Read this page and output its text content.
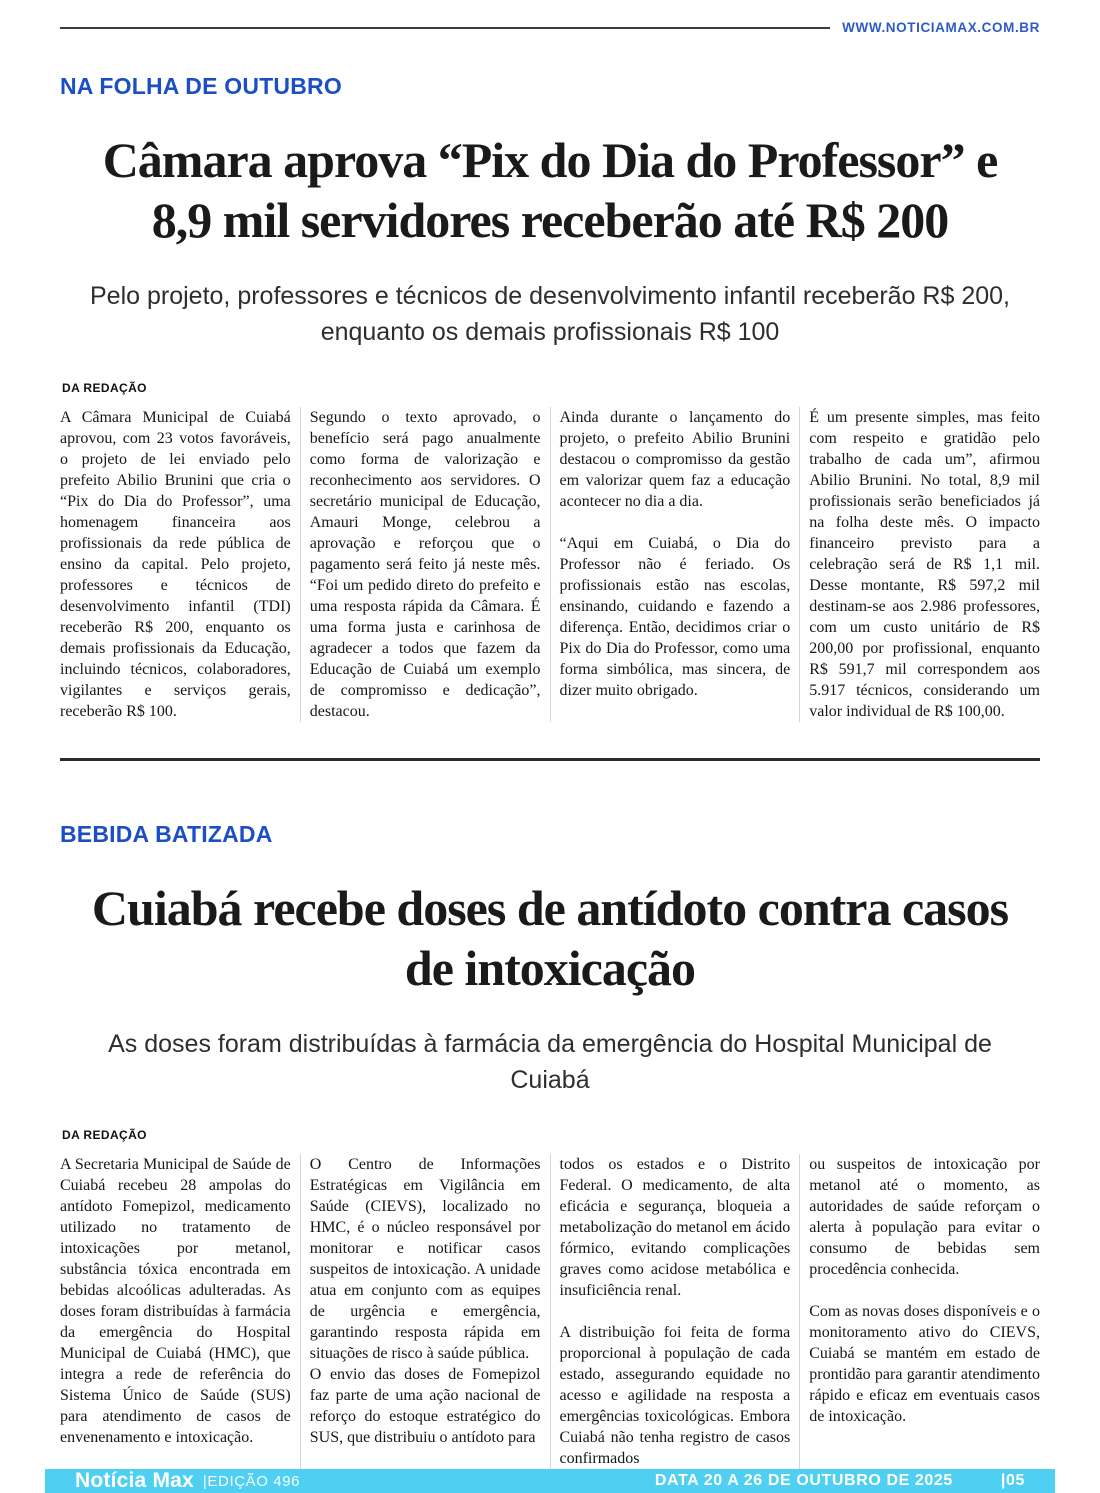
WWW.NOTICIAMAX.COM.BR
NA FOLHA DE OUTUBRO
Câmara aprova “Pix do Dia do Professor” e 8,9 mil servidores receberão até R$ 200
Pelo projeto, professores e técnicos de desenvolvimento infantil receberão R$ 200, enquanto os demais profissionais R$ 100
DA REDAÇÃO

A Câmara Municipal de Cuiabá aprovou, com 23 votos favoráveis, o projeto de lei enviado pelo prefeito Abilio Brunini que cria o “Pix do Dia do Professor”, uma homenagem financeira aos profissionais da rede pública de ensino da capital. Pelo projeto, professores e técnicos de desenvolvimento infantil (TDI) receberão R$ 200, enquanto os demais profissionais da Educação, incluindo técnicos, colaboradores, vigilantes e serviços gerais, receberão R$ 100.

Segundo o texto aprovado, o benefício será pago anualmente como forma de valorização e reconhecimento aos servidores. O secretário municipal de Educação, Amauri Monge, celebrou a aprovação e reforçou que o pagamento será feito já neste mês. “Foi um pedido direto do prefeito e uma resposta rápida da Câmara. É uma forma justa e carinhosa de agradecer a todos que fazem da Educação de Cuiabá um exemplo de compromisso e dedicação”, destacou.

Ainda durante o lançamento do projeto, o prefeito Abilio Brunini destacou o compromisso da gestão em valorizar quem faz a educação acontecer no dia a dia.

“Aqui em Cuiabá, o Dia do Professor não é feriado. Os profissionais estão nas escolas, ensinando, cuidando e fazendo a diferença. Então, decidimos criar o Pix do Dia do Professor, como uma forma simbólica, mas sincera, de dizer muito obrigado.

É um presente simples, mas feito com respeito e gratidão pelo trabalho de cada um”, afirmou Abilio Brunini. No total, 8,9 mil profissionais serão beneficiados já na folha deste mês. O impacto financeiro previsto para a celebração será de R$ 1,1 mil. Desse montante, R$ 597,2 mil destinam-se aos 2.986 professores, com um custo unitário de R$ 200,00 por profissional, enquanto R$ 591,7 mil correspondem aos 5.917 técnicos, considerando um valor individual de R$ 100,00.

BEBIDA BATIZADA
Cuiabá recebe doses de antídoto contra casos de intoxicação
As doses foram distribuídas à farmácia da emergência do Hospital Municipal de Cuiabá
DA REDAÇÃO

A Secretaria Municipal de Saúde de Cuiabá recebeu 28 ampolas do antídoto Fomepizol, medicamento utilizado no tratamento de intoxicações por metanol, substância tóxica encontrada em bebidas alcoólicas adulteradas. As doses foram distribuídas à farmácia da emergência do Hospital Municipal de Cuiabá (HMC), que integra a rede de referência do Sistema Único de Saúde (SUS) para atendimento de casos de envenenamento e intoxicação.

O Centro de Informações Estratégicas em Vigilância em Saúde (CIEVS), localizado no HMC, é o núcleo responsável por monitorar e notificar casos suspeitos de intoxicação. A unidade atua em conjunto com as equipes de urgência e emergência, garantindo resposta rápida em situações de risco à saúde pública.

O envio das doses de Fomepizol faz parte de uma ação nacional de reforço do estoque estratégico do SUS, que distribuiu o antídoto para

todos os estados e o Distrito Federal. O medicamento, de alta eficácia e segurança, bloqueia a metabolização do metanol em ácido fórmico, evitando complicações graves como acidose metabólica e insuficiência renal.

A distribuição foi feita de forma proporcional à população de cada estado, assegurando equidade no acesso e agilidade na resposta a emergências toxicológicas. Embora Cuiabá não tenha registro de casos confirmados

ou suspeitos de intoxicação por metanol até o momento, as autoridades de saúde reforçam o alerta à população para evitar o consumo de bebidas sem procedência conhecida.

Com as novas doses disponíveis e o monitoramento ativo do CIEVS, Cuiabá se mantém em estado de prontidão para garantir atendimento rápido e eficaz em eventuais casos de intoxicação.

Notícia Max |EDIÇÃO 496	DATA 20 A 26 DE OUTUBRO DE 2025	|05
